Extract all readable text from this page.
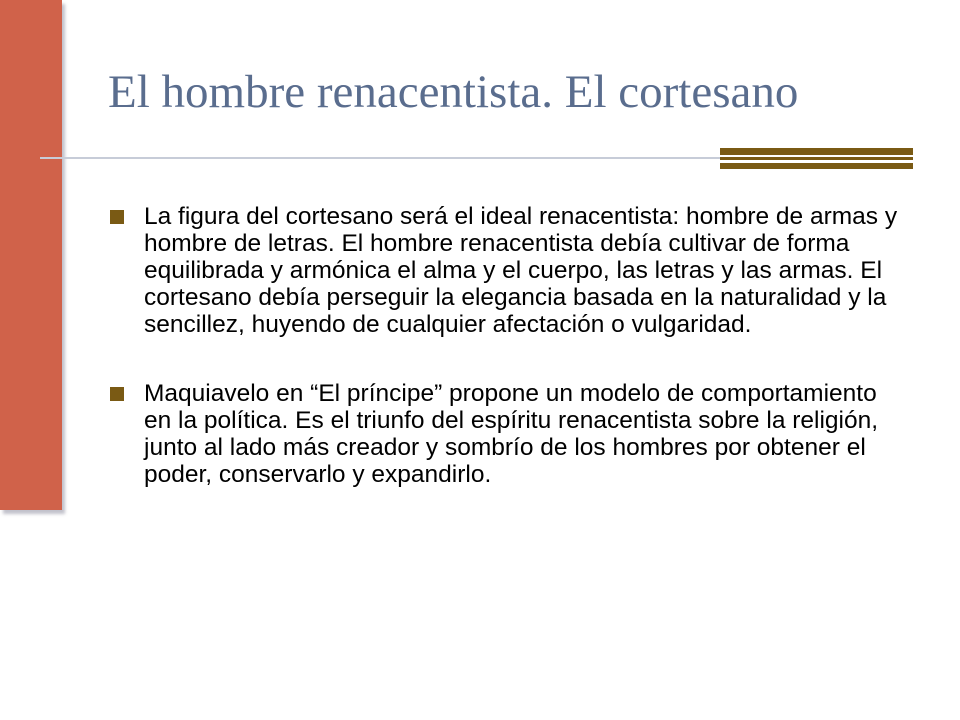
El hombre renacentista. El cortesano
La figura del cortesano será el ideal renacentista: hombre de armas y hombre de letras. El hombre renacentista debía cultivar de forma equilibrada y armónica el alma y el cuerpo, las letras y las armas. El cortesano debía perseguir la elegancia basada en la naturalidad y la sencillez, huyendo de cualquier afectación o vulgaridad.
Maquiavelo en “El príncipe” propone un modelo de comportamiento en la política. Es el triunfo del espíritu renacentista sobre la religión, junto al lado más creador y sombrío de los hombres por obtener el poder, conservarlo y expandirlo.
